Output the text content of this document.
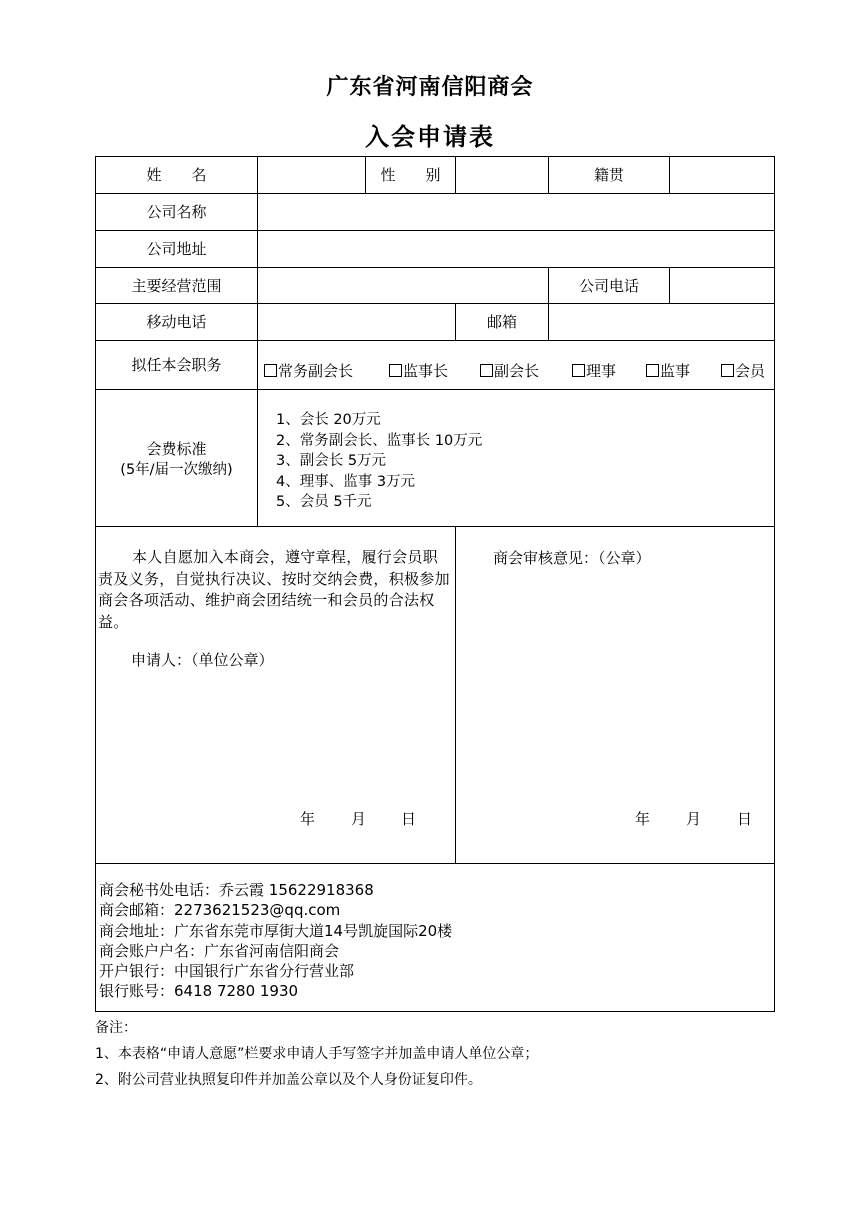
广东省河南信阳商会
入会申请表
姓　　名	性　　别	籍贯
公司名称
公司地址
主要经营范围	公司电话
移动电话	邮箱
拟任本会职务	常务副会长	监事长	副会长	理事	监事	会员
会费标准
(5年/届一次缴纳)
1、会长 20万元
2、常务副会长、监事长 10万元
3、副会长 5万元
4、理事、监事 3万元
5、会员 5千元
本人自愿加入本商会，遵守章程，履行会员职责及义务，自觉执行决议、按时交纳会费，积极参加商会各项活动、维护商会团结统一和会员的合法权益。
申请人：（单位公章）
年 月 日
商会审核意见：（公章）
年 月 日
商会秘书处电话：乔云霞 15622918368
商会邮箱：2273621523@qq.com
商会地址：广东省东莞市厚街大道14号凯旋国际20楼
商会账户户名：广东省河南信阳商会
开户银行：中国银行广东省分行营业部
银行账号：6418 7280 1930
备注：
1、本表格“申请人意愿”栏要求申请人手写签字并加盖申请人单位公章；
2、附公司营业执照复印件并加盖公章以及个人身份证复印件。
